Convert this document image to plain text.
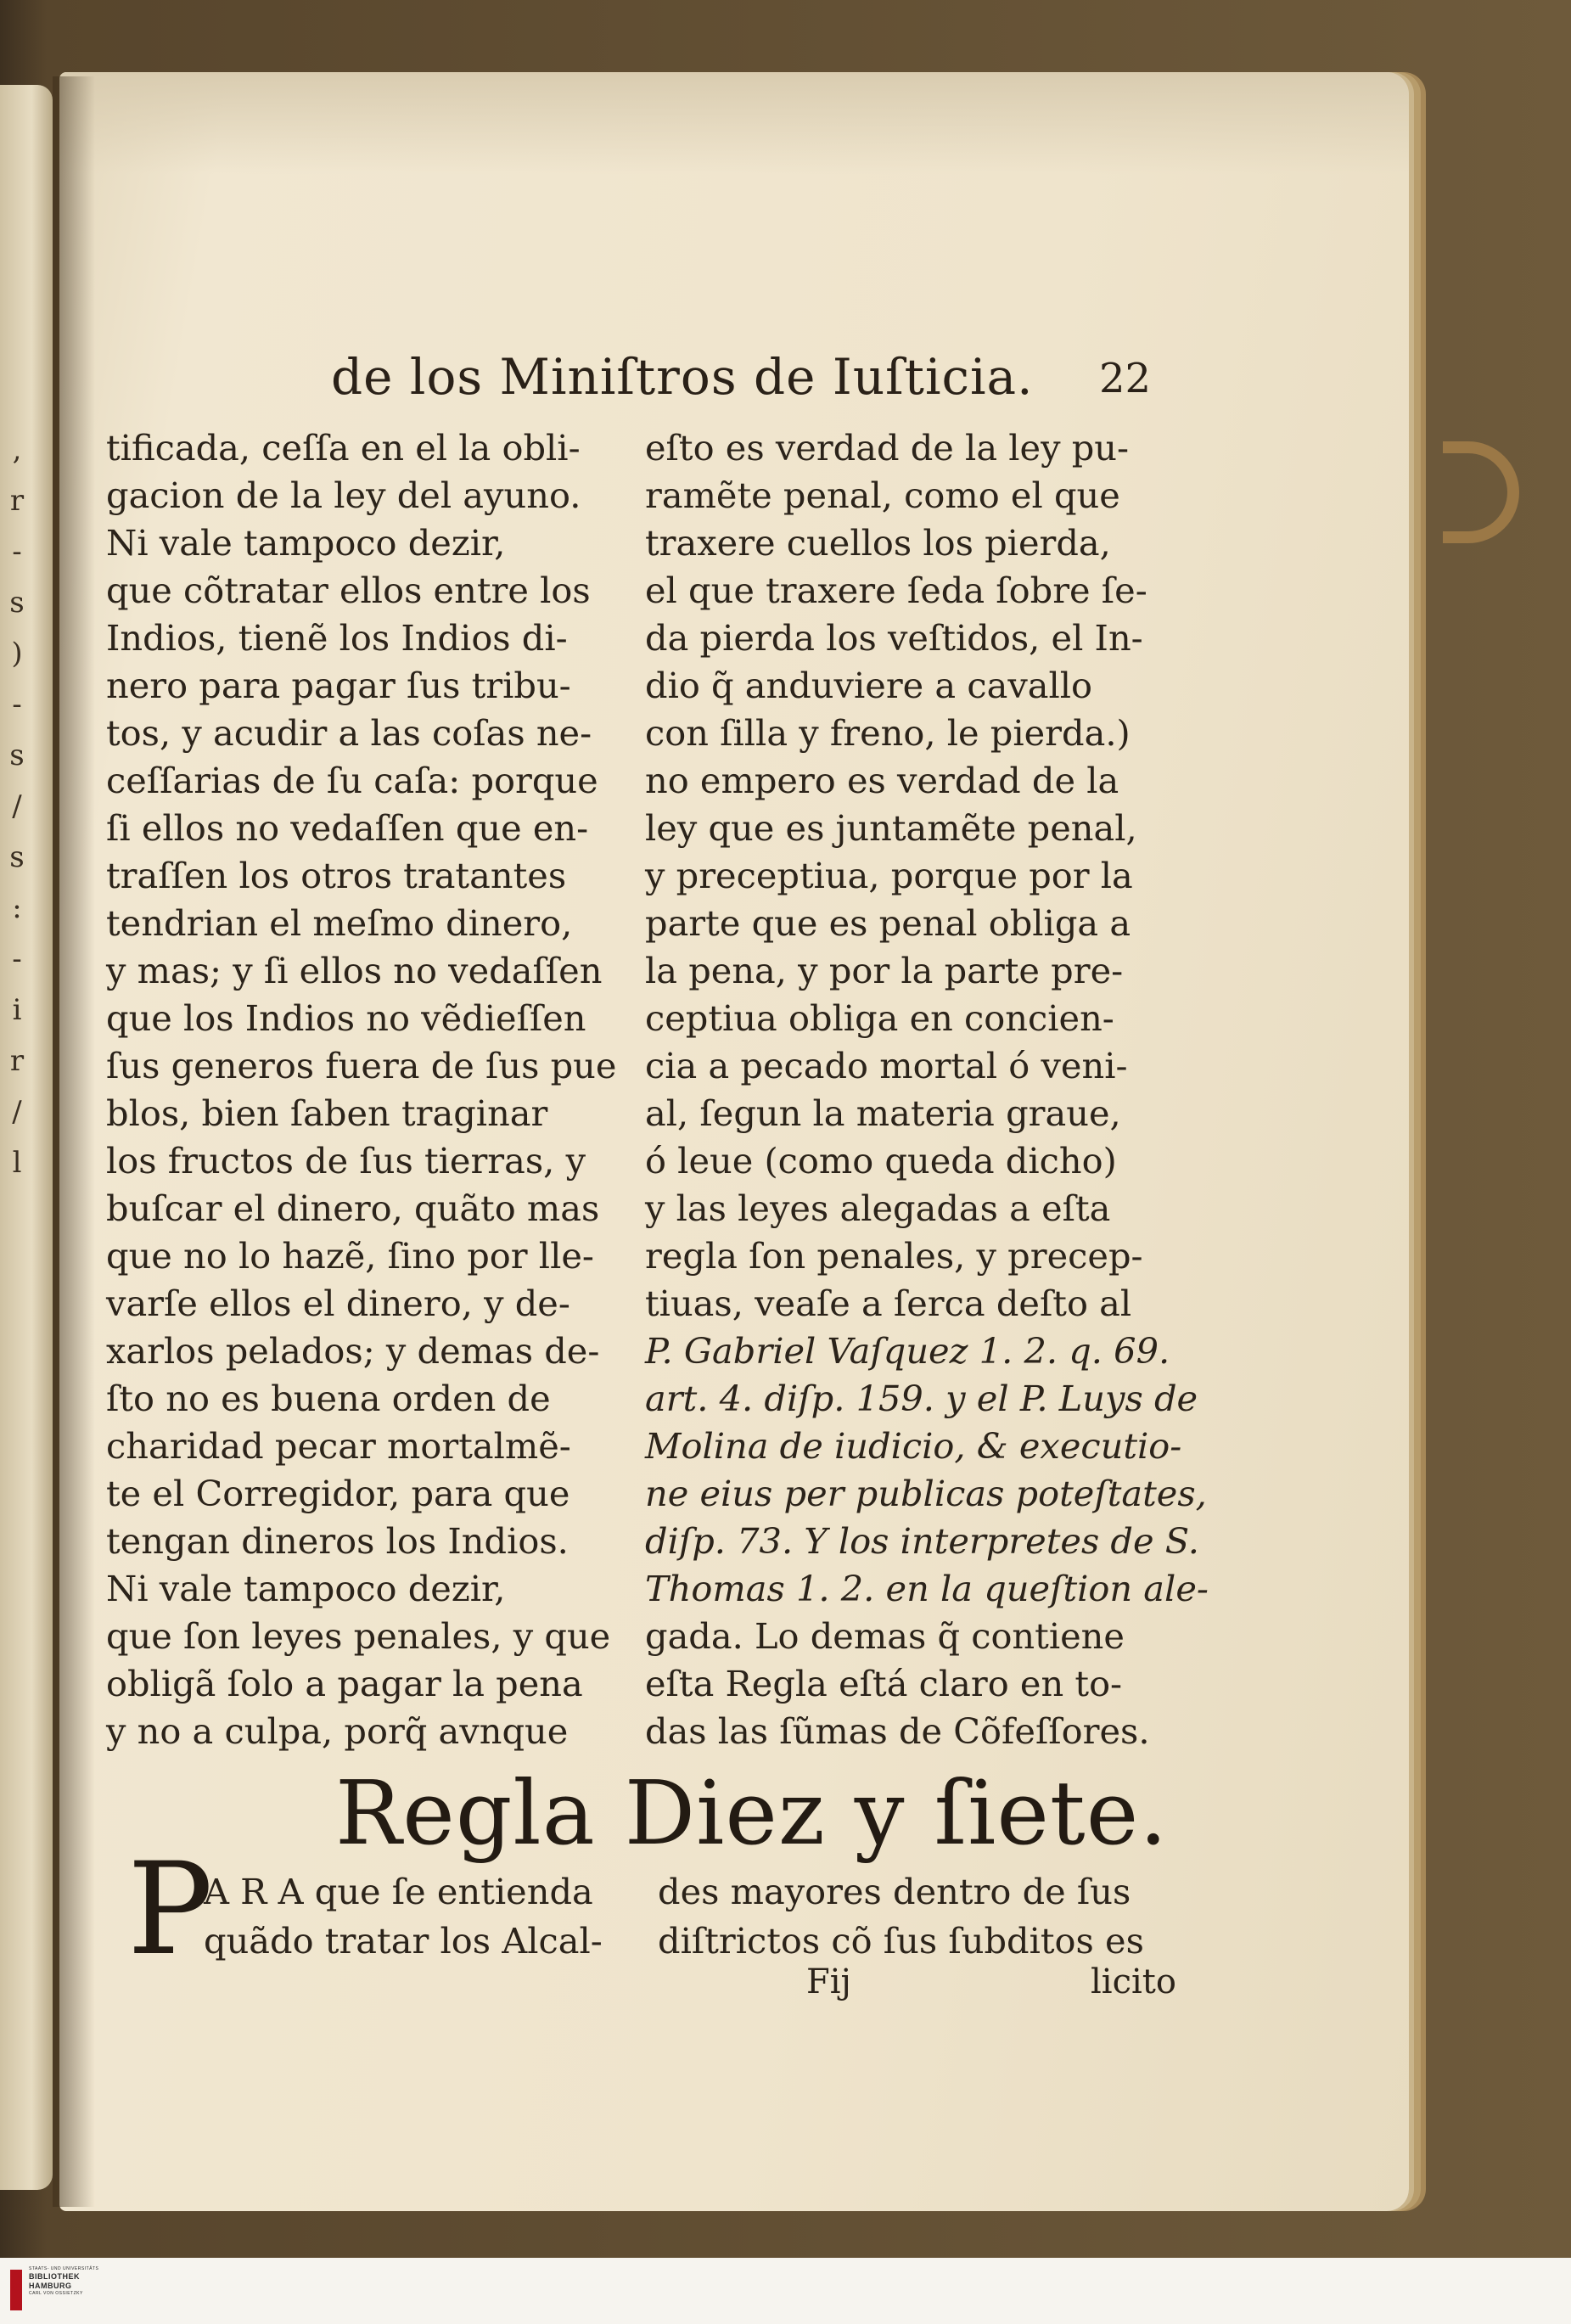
,
r
-
s
)
-
s
/
s
:
-
i
r
/
l
de los Miniſtros de Iuſticia. 22
tificada, ceſſa en el la obli-
gacion de la ley del ayuno.
Ni vale tampoco dezir,
que cõtratar ellos entre los
Indios, tienẽ los Indios di-
nero para pagar ſus tribu-
tos, y acudir a las coſas ne-
ceſſarias de ſu caſa: porque
ſi ellos no vedaſſen que en-
traſſen los otros tratantes
tendrian el meſmo dinero,
y mas; y ſi ellos no vedaſſen
que los Indios no vẽdieſſen
ſus generos fuera de ſus pue
blos, bien ſaben traginar
los fructos de ſus tierras, y
buſcar el dinero, quãto mas
que no lo hazẽ, ſino por lle-
varſe ellos el dinero, y de-
xarlos pelados; y demas de-
ſto no es buena orden de
charidad pecar mortalmẽ-
te el Corregidor, para que
tengan dineros los Indios.
Ni vale tampoco dezir,
que ſon leyes penales, y que
obligã ſolo a pagar la pena
y no a culpa, porq̃ avnque
eſto es verdad de la ley pu-
ramẽte penal, como el que
traxere cuellos los pierda,
el que traxere ſeda ſobre ſe-
da pierda los veſtidos, el In-
dio q̃ anduviere a cavallo
con ſilla y freno, le pierda.)
no empero es verdad de la
ley que es juntamẽte penal,
y preceptiua, porque por la
parte que es penal obliga a
la pena, y por la parte pre-
ceptiua obliga en concien-
cia a pecado mortal ó veni-
al, ſegun la materia graue,
ó leue (como queda dicho)
y las leyes alegadas a eſta
regla ſon penales, y precep-
tiuas, veaſe a ſerca deſto al
P. Gabriel Vaſquez 1. 2. q. 69.
art. 4. diſp. 159. y el P. Luys de
Molina de iudicio, & executio-
ne eius per publicas poteſtates,
diſp. 73. Y los interpretes de S.
Thomas 1. 2. en la queſtion ale-
gada. Lo demas q̃ contiene
eſta Regla eſtá claro en to-
das las ſũmas de Cõfeſſores.
Regla Diez y ſiete.
P
A R A que ſe entienda
quãdo tratar los Alcal-
des mayores dentro de ſus
diſtrictos cõ ſus ſubditos es
Fij	licito
STAATS- UND UNIVERSITÄTS
BIBLIOTHEK
HAMBURG
CARL VON OSSIETZKY
